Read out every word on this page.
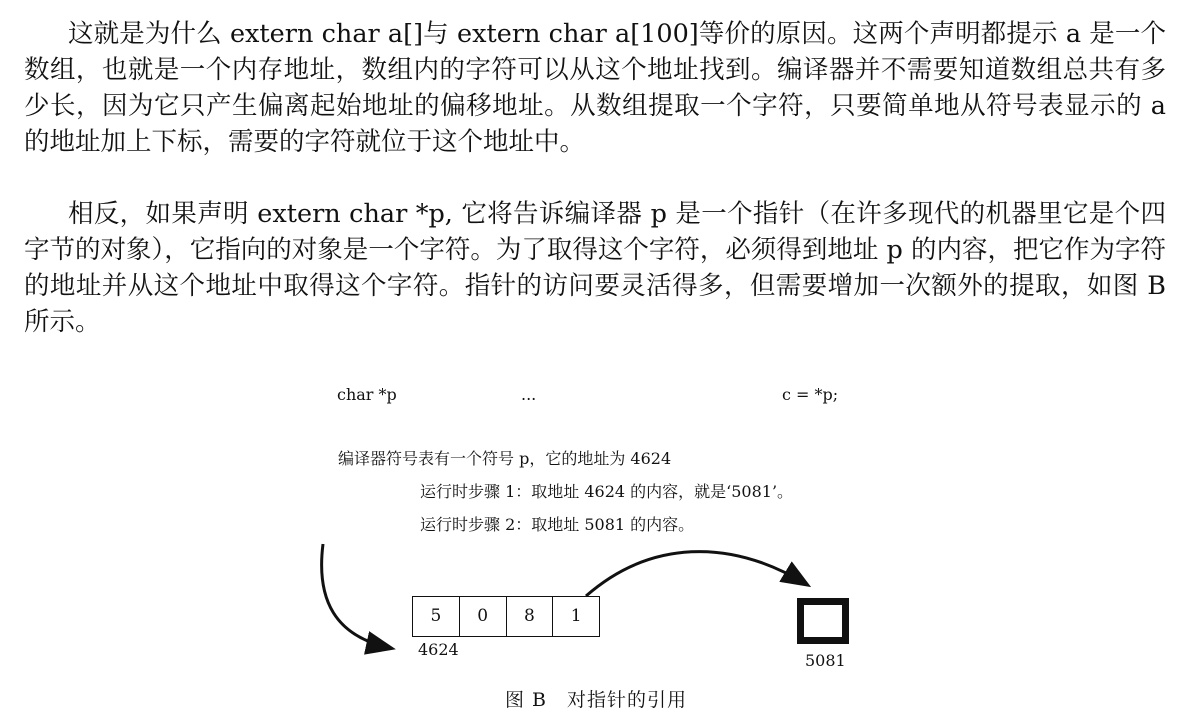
这就是为什么 extern char a[]与 extern char a[100]等价的原因。这两个声明都提示 a 是一个数组，也就是一个内存地址，数组内的字符可以从这个地址找到。编译器并不需要知道数组总共有多少长，因为它只产生偏离起始地址的偏移地址。从数组提取一个字符，只要简单地从符号表显示的 a 的地址加上下标，需要的字符就位于这个地址中。
相反，如果声明 extern char *p, 它将告诉编译器 p 是一个指针（在许多现代的机器里它是个四字节的对象），它指向的对象是一个字符。为了取得这个字符，必须得到地址 p 的内容，把它作为字符的地址并从这个地址中取得这个字符。指针的访问要灵活得多，但需要增加一次额外的提取，如图 B 所示。
char *p	...	c = *p;
编译器符号表有一个符号 p，它的地址为 4624
运行时步骤 1：取地址 4624 的内容，就是‘5081’。
运行时步骤 2：取地址 5081 的内容。
5	0	8	1
4624
5081
图 B　对指针的引用
